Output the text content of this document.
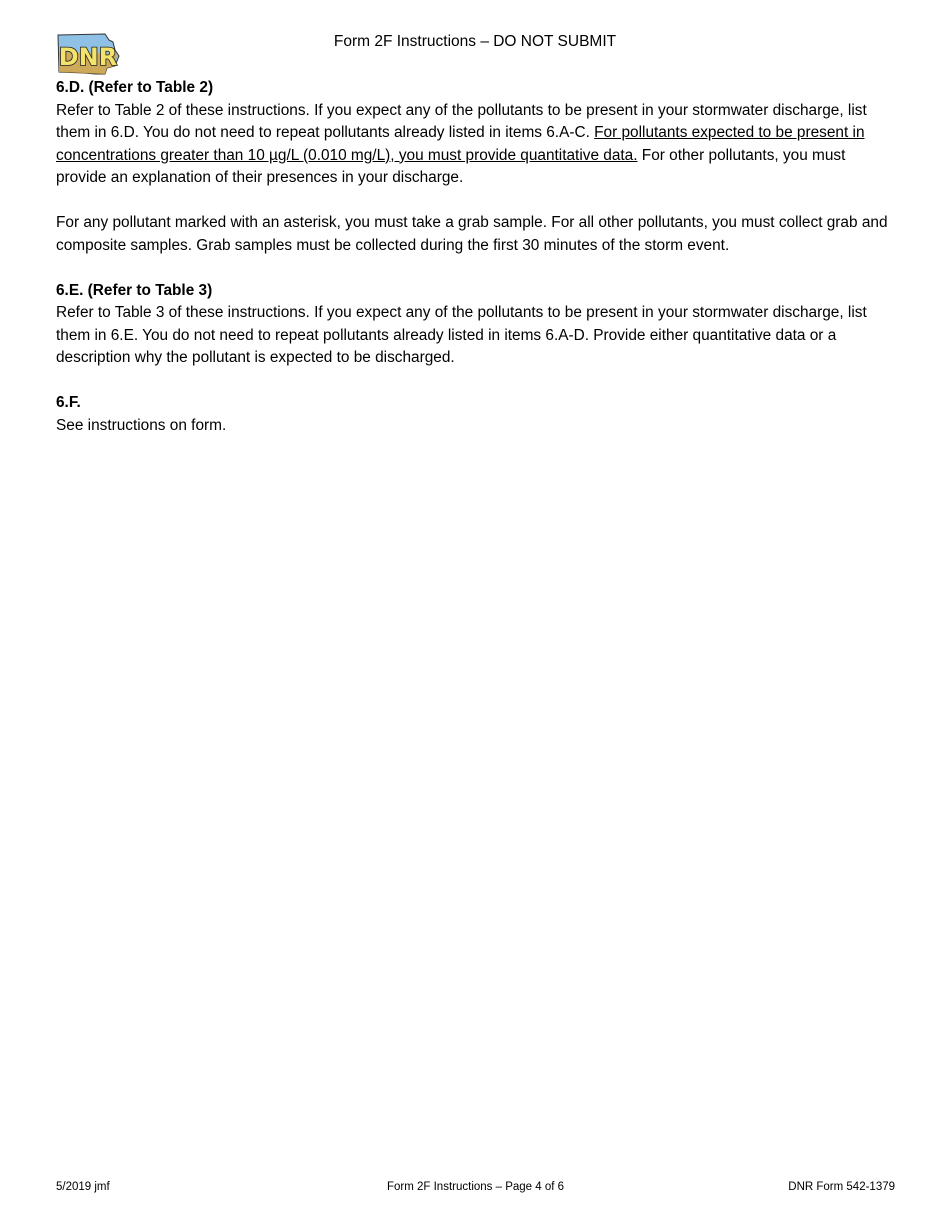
DNR
Form 2F Instructions – DO NOT SUBMIT
6.D. (Refer to Table 2)

Refer to Table 2 of these instructions. If you expect any of the pollutants to be present in your stormwater discharge, list them in 6.D. You do not need to repeat pollutants already listed in items 6.A-C. For pollutants expected to be present in concentrations greater than 10 µg/L (0.010 mg/L), you must provide quantitative data. For other pollutants, you must provide an explanation of their presences in your discharge.

For any pollutant marked with an asterisk, you must take a grab sample. For all other pollutants, you must collect grab and composite samples. Grab samples must be collected during the first 30 minutes of the storm event.

6.E. (Refer to Table 3)

Refer to Table 3 of these instructions. If you expect any of the pollutants to be present in your stormwater discharge, list them in 6.E. You do not need to repeat pollutants already listed in items 6.A-D. Provide either quantitative data or a description why the pollutant is expected to be discharged.

6.F.

See instructions on form.

5/2019 jmf	Form 2F Instructions – Page 4 of 6	DNR Form 542-1379
